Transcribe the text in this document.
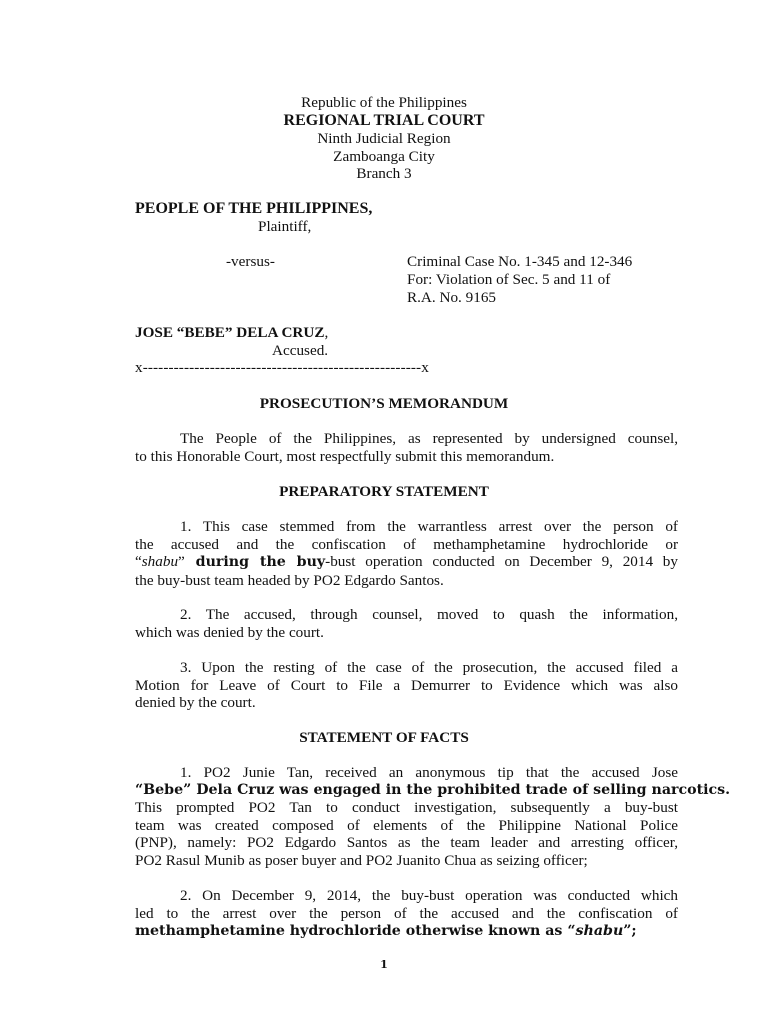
Republic of the Philippines
REGIONAL TRIAL COURT
Ninth Judicial Region
Zamboanga City
Branch 3
PEOPLE OF THE PHILIPPINES,
Plaintiff,
-versus-	Criminal Case No. 1-345 and 12-346
For: Violation of Sec. 5 and 11 of
R.A. No. 9165
JOSE “BEBE” DELA CRUZ,
Accused.
x------------------------------------------------------x
PROSECUTION’S MEMORANDUM
The People of the Philippines, as represented by undersigned counsel,
to this Honorable Court, most respectfully submit this memorandum.
PREPARATORY STATEMENT
1. This case stemmed from the warrantless arrest over the person of
the accused and the confiscation of methamphetamine hydrochloride or
“shabu” during the buy-bust operation conducted on December 9, 2014 by
the buy-bust team headed by PO2 Edgardo Santos.
2. The accused, through counsel, moved to quash the information,
which was denied by the court.
3. Upon the resting of the case of the prosecution, the accused filed a
Motion for Leave of Court to File a Demurrer to Evidence which was also
denied by the court.
STATEMENT OF FACTS
1. PO2 Junie Tan, received an anonymous tip that the accused Jose
“Bebe” Dela Cruz was engaged in the prohibited trade of selling narcotics.
This prompted PO2 Tan to conduct investigation, subsequently a buy-bust
team was created composed of elements of the Philippine National Police
(PNP), namely: PO2 Edgardo Santos as the team leader and arresting officer,
PO2 Rasul Munib as poser buyer and PO2 Juanito Chua as seizing officer;
2. On December 9, 2014, the buy-bust operation was conducted which
led to the arrest over the person of the accused and the confiscation of
methamphetamine hydrochloride otherwise known as “shabu”;
1
